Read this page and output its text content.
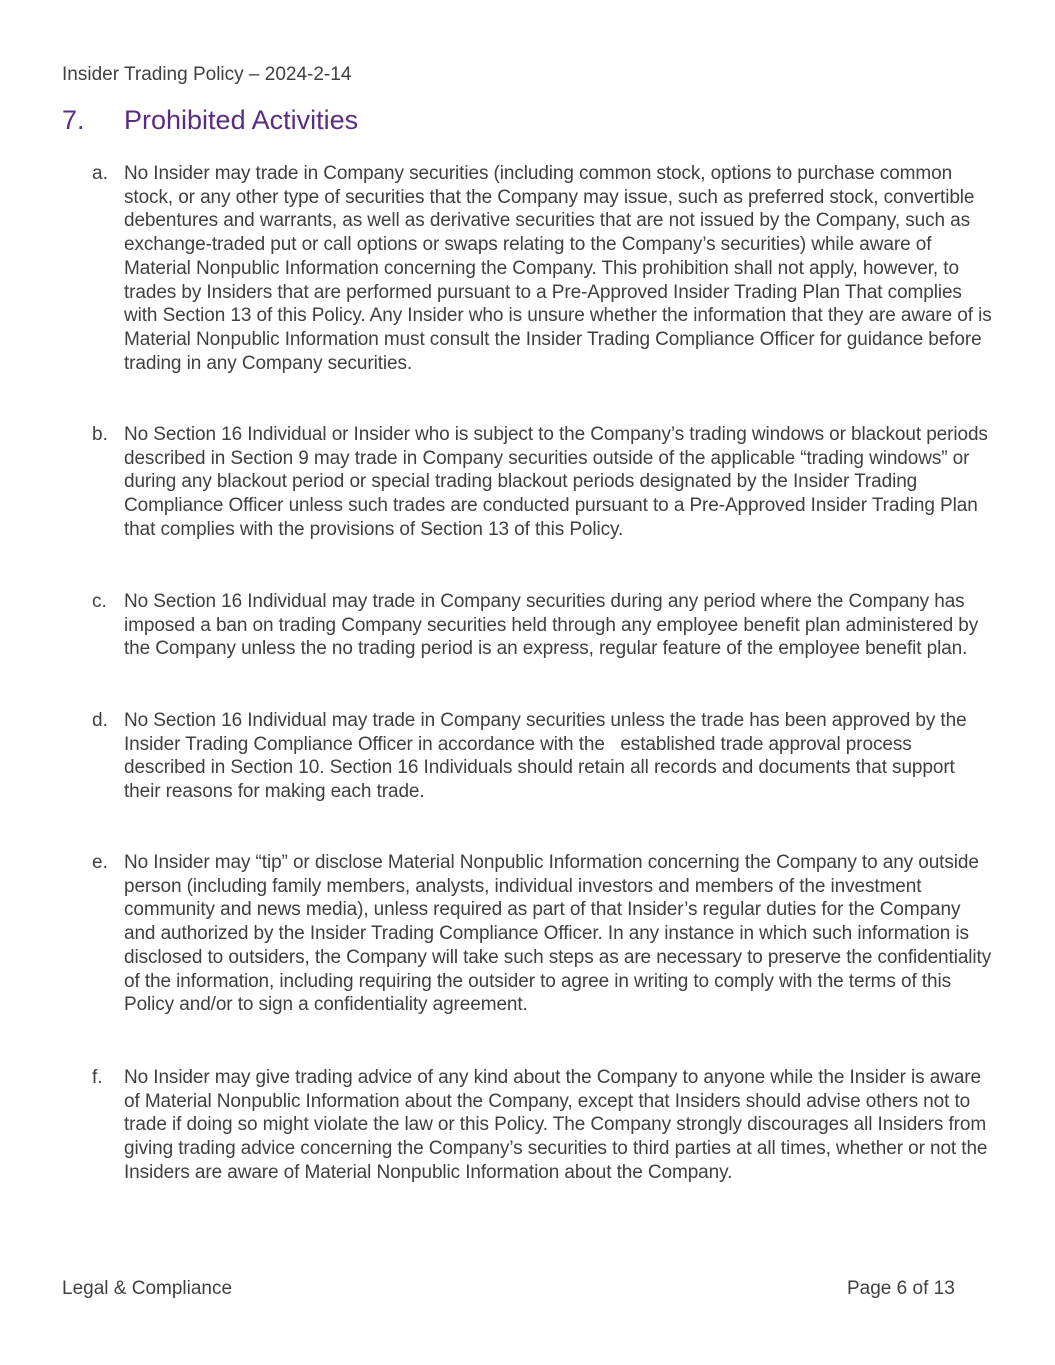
Insider Trading Policy – 2024-2-14
7.	Prohibited Activities
a. No Insider may trade in Company securities (including common stock, options to purchase common stock, or any other type of securities that the Company may issue, such as preferred stock, convertible debentures and warrants, as well as derivative securities that are not issued by the Company, such as exchange-traded put or call options or swaps relating to the Company’s securities) while aware of Material Nonpublic Information concerning the Company. This prohibition shall not apply, however, to trades by Insiders that are performed pursuant to a Pre-Approved Insider Trading Plan That complies with Section 13 of this Policy. Any Insider who is unsure whether the information that they are aware of is Material Nonpublic Information must consult the Insider Trading Compliance Officer for guidance before trading in any Company securities.
b. No Section 16 Individual or Insider who is subject to the Company’s trading windows or blackout periods described in Section 9 may trade in Company securities outside of the applicable “trading windows” or during any blackout period or special trading blackout periods designated by the Insider Trading Compliance Officer unless such trades are conducted pursuant to a Pre-Approved Insider Trading Plan that complies with the provisions of Section 13 of this Policy.
c. No Section 16 Individual may trade in Company securities during any period where the Company has imposed a ban on trading Company securities held through any employee benefit plan administered by the Company unless the no trading period is an express, regular feature of the employee benefit plan.
d. No Section 16 Individual may trade in Company securities unless the trade has been approved by the Insider Trading Compliance Officer in accordance with the   established trade approval process described in Section 10. Section 16 Individuals should retain all records and documents that support their reasons for making each trade.
e. No Insider may “tip” or disclose Material Nonpublic Information concerning the Company to any outside person (including family members, analysts, individual investors and members of the investment community and news media), unless required as part of that Insider’s regular duties for the Company and authorized by the Insider Trading Compliance Officer. In any instance in which such information is disclosed to outsiders, the Company will take such steps as are necessary to preserve the confidentiality of the information, including requiring the outsider to agree in writing to comply with the terms of this Policy and/or to sign a confidentiality agreement.
f.	No Insider may give trading advice of any kind about the Company to anyone while the Insider is aware of Material Nonpublic Information about the Company, except that Insiders should advise others not to trade if doing so might violate the law or this Policy. The Company strongly discourages all Insiders from giving trading advice concerning the Company’s securities to third parties at all times, whether or not the Insiders are aware of Material Nonpublic Information about the Company.
Legal & Compliance	Page 6 of 13
